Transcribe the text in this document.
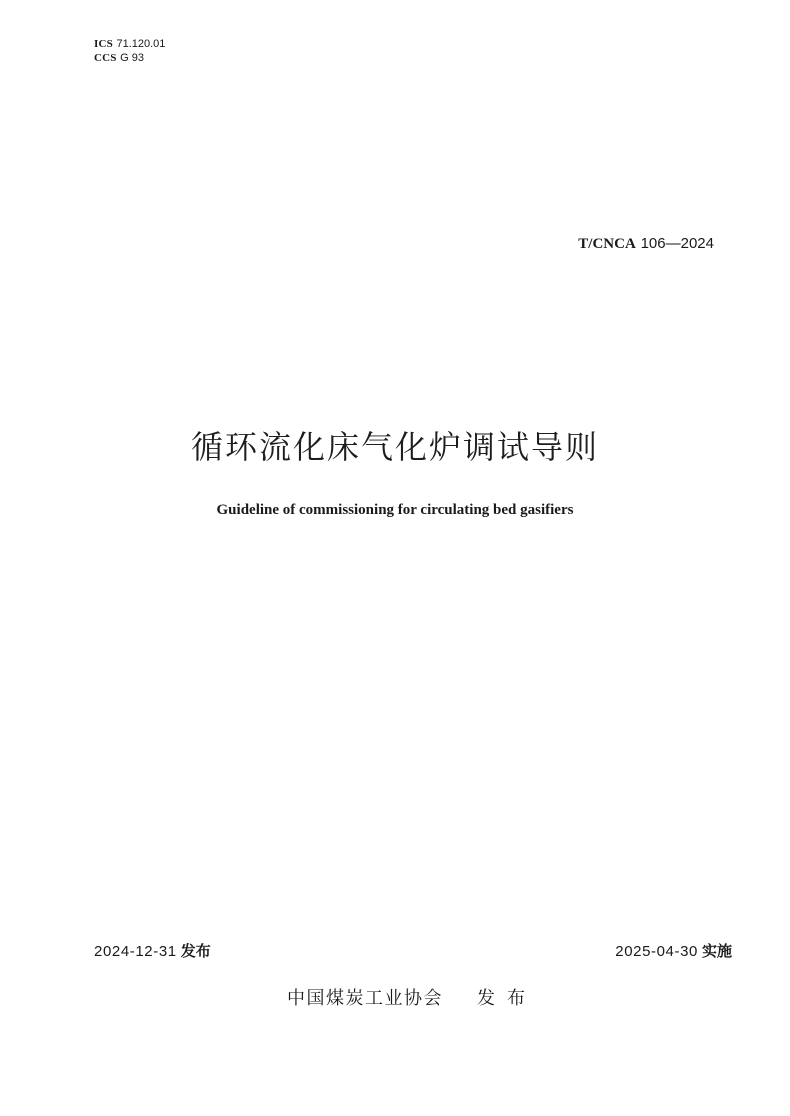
ICS 71.120.01
CCS G 93
T/CNCA 106—2024
循环流化床气化炉调试导则
Guideline of commissioning for circulating bed gasifiers
2024-12-31 发布	2025-04-30 实施
中国煤炭工业协会 发布
